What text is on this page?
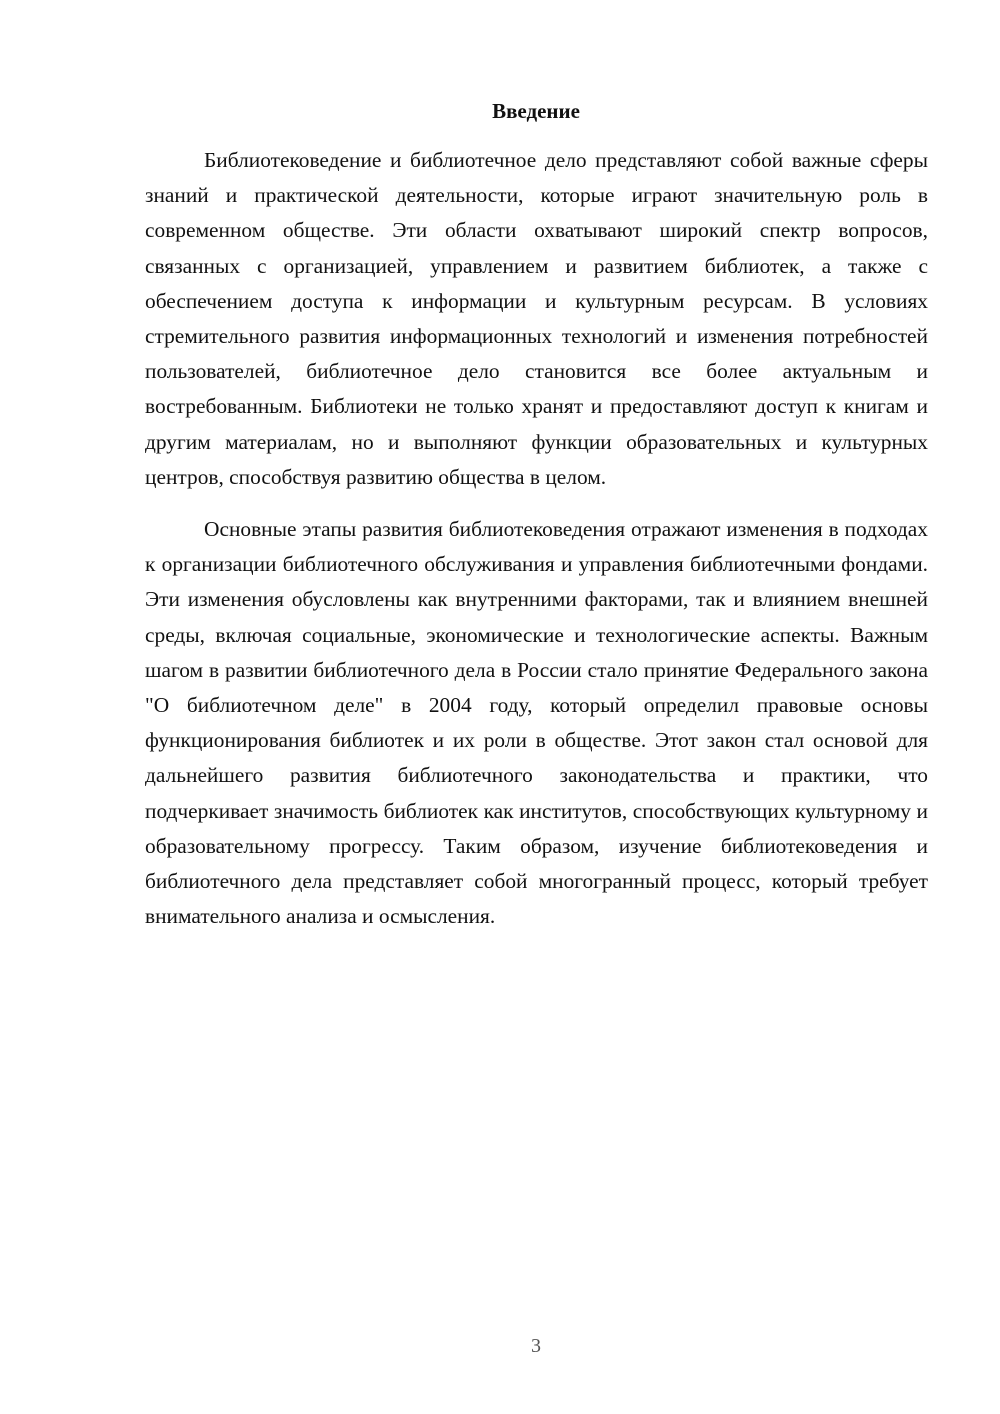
Введение

Библиотековедение и библиотечное дело представляют собой важные сферы знаний и практической деятельности, которые играют значительную роль в современном обществе. Эти области охватывают широкий спектр вопросов, связанных с организацией, управлением и развитием библиотек, а также с обеспечением доступа к информации и культурным ресурсам. В условиях стремительного развития информационных технологий и изменения потребностей пользователей, библиотечное дело становится все более актуальным и востребованным. Библиотеки не только хранят и предоставляют доступ к книгам и другим материалам, но и выполняют функции образовательных и культурных центров, способствуя развитию общества в целом.

Основные этапы развития библиотековедения отражают изменения в подходах к организации библиотечного обслуживания и управления библиотечными фондами. Эти изменения обусловлены как внутренними факторами, так и влиянием внешней среды, включая социальные, экономические и технологические аспекты. Важным шагом в развитии библиотечного дела в России стало принятие Федерального закона "О библиотечном деле" в 2004 году, который определил правовые основы функционирования библиотек и их роли в обществе. Этот закон стал основой для дальнейшего развития библиотечного законодательства и практики, что подчеркивает значимость библиотек как институтов, способствующих культурному и образовательному прогрессу. Таким образом, изучение библиотековедения и библиотечного дела представляет собой многогранный процесс, который требует внимательного анализа и осмысления.

3
